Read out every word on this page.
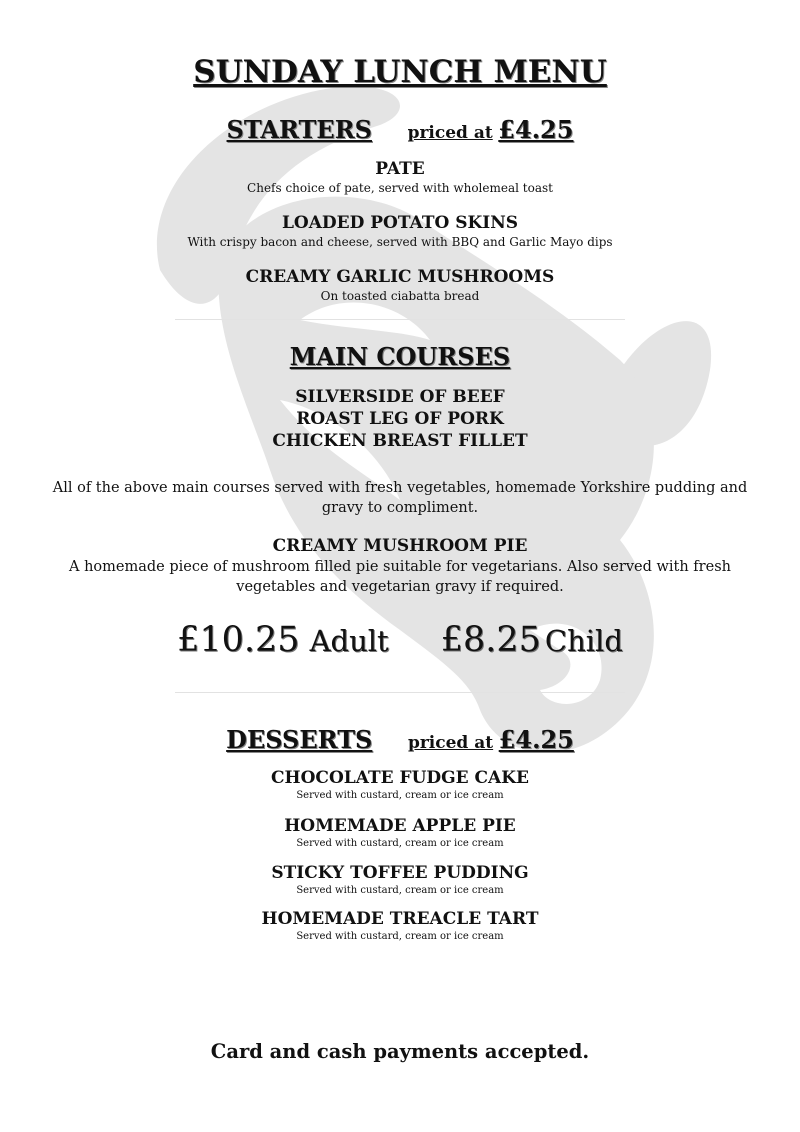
SUNDAY LUNCH MENU
STARTERS priced at £4.25
PATE
Chefs choice of pate, served with wholemeal toast
LOADED POTATO SKINS
With crispy bacon and cheese, served with BBQ and Garlic Mayo dips
CREAMY GARLIC MUSHROOMS
On toasted ciabatta bread
MAIN COURSES
SILVERSIDE OF BEEF
ROAST LEG OF PORK
CHICKEN BREAST FILLET
All of the above main courses served with fresh vegetables, homemade Yorkshire pudding and gravy to compliment.
CREAMY MUSHROOM PIE
A homemade piece of mushroom filled pie suitable for vegetarians. Also served with fresh vegetables and vegetarian gravy if required.
£10.25 Adult £8.25 Child
DESSERTS priced at £4.25
CHOCOLATE FUDGE CAKE
Served with custard, cream or ice cream
HOMEMADE APPLE PIE
Served with custard, cream or ice cream
STICKY TOFFEE PUDDING
Served with custard, cream or ice cream
HOMEMADE TREACLE TART
Served with custard, cream or ice cream
Card and cash payments accepted.
